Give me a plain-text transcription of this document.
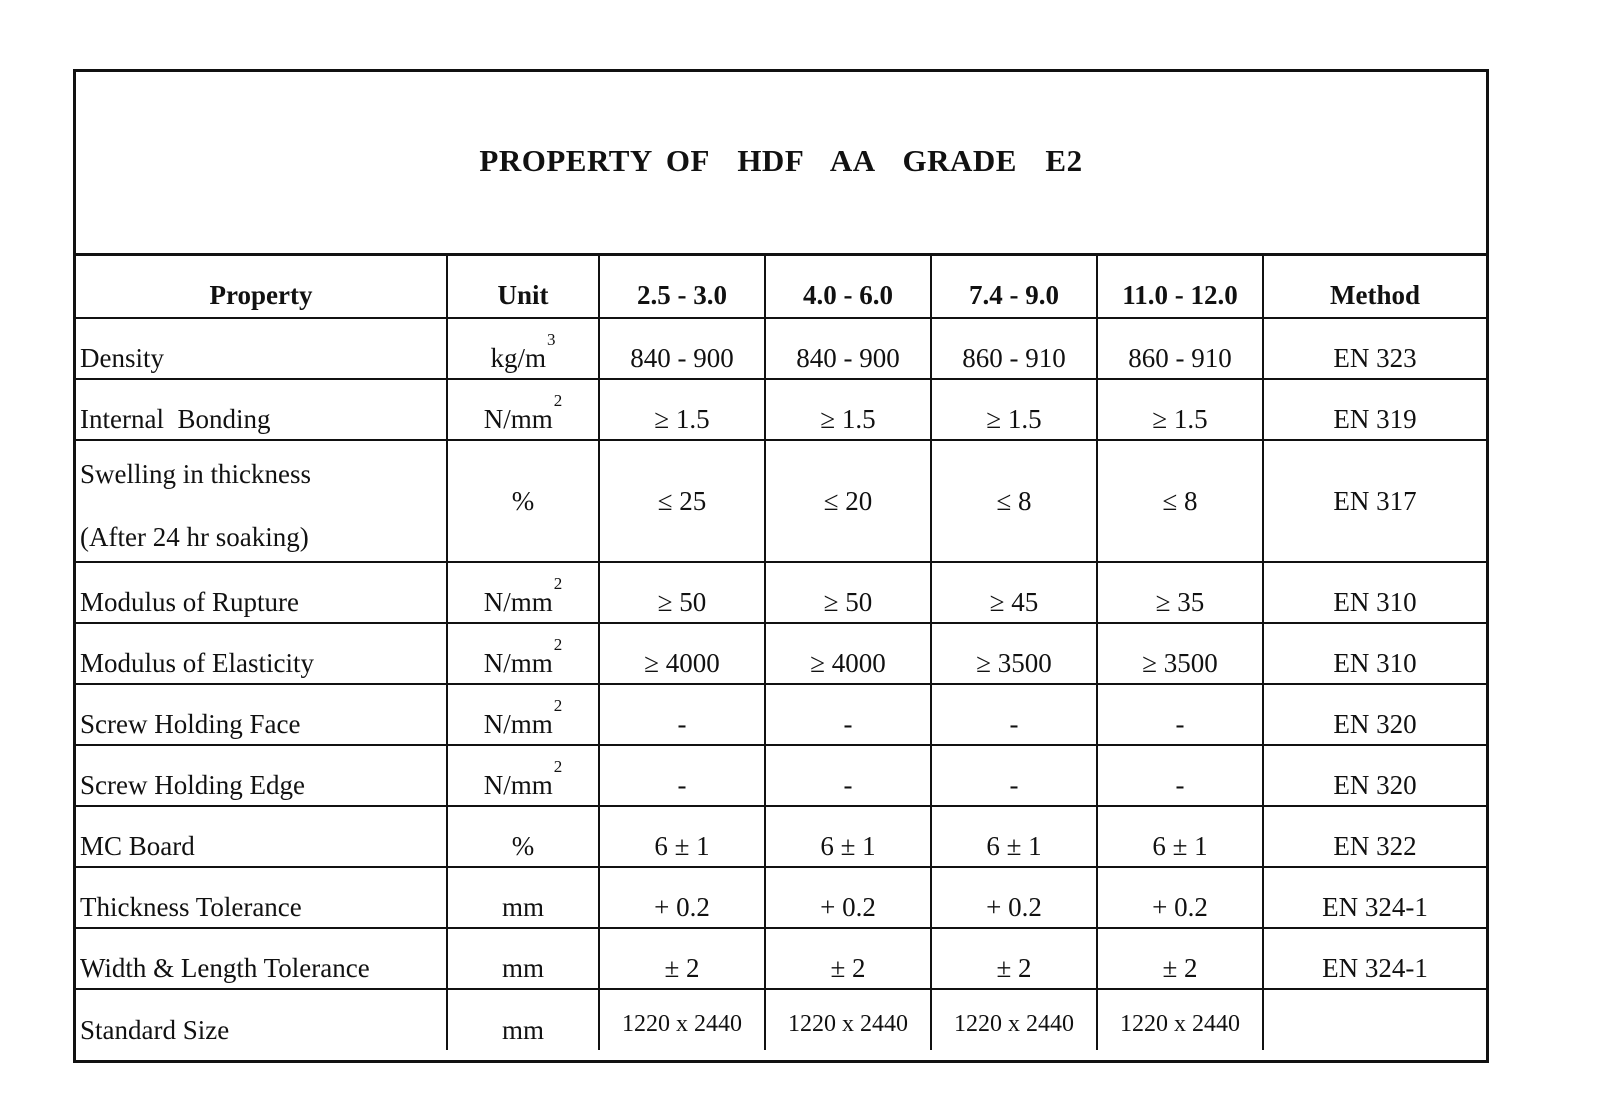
PROPERTY OF  HDF  AA  GRADE  E2
Property	Unit	2.5 - 3.0	4.0 - 6.0	7.4 - 9.0	11.0 - 12.0	Method
Density	$kg/m^3$	840 - 900	840 - 900	860 - 910	860 - 910	EN 323
Internal  Bonding	$N/mm^2$	≥ 1.5	≥ 1.5	≥ 1.5	≥ 1.5	EN 319

Swelling in thickness
(After 24 hr soaking)	%	≤ 25	≤ 20	≤ 8	≤ 8	EN 317
Modulus of Rupture	$N/mm^2$	≥ 50	≥ 50	≥ 45	≥ 35	EN 310
Modulus of Elasticity	$N/mm^2$	≥ 4000	≥ 4000	≥ 3500	≥ 3500	EN 310
Screw Holding Face	$N/mm^2$	-	-	-	-	EN 320
Screw Holding Edge	$N/mm^2$	-	-	-	-	EN 320
MC Board	%	6 ± 1	6 ± 1	6 ± 1	6 ± 1	EN 322
Thickness Tolerance	mm	+ 0.2	+ 0.2	+ 0.2	+ 0.2	EN 324-1
Width & Length Tolerance	mm	± 2	± 2	± 2	± 2	EN 324-1
Standard Size	mm	1220 x 2440	1220 x 2440	1220 x 2440	1220 x 2440	
